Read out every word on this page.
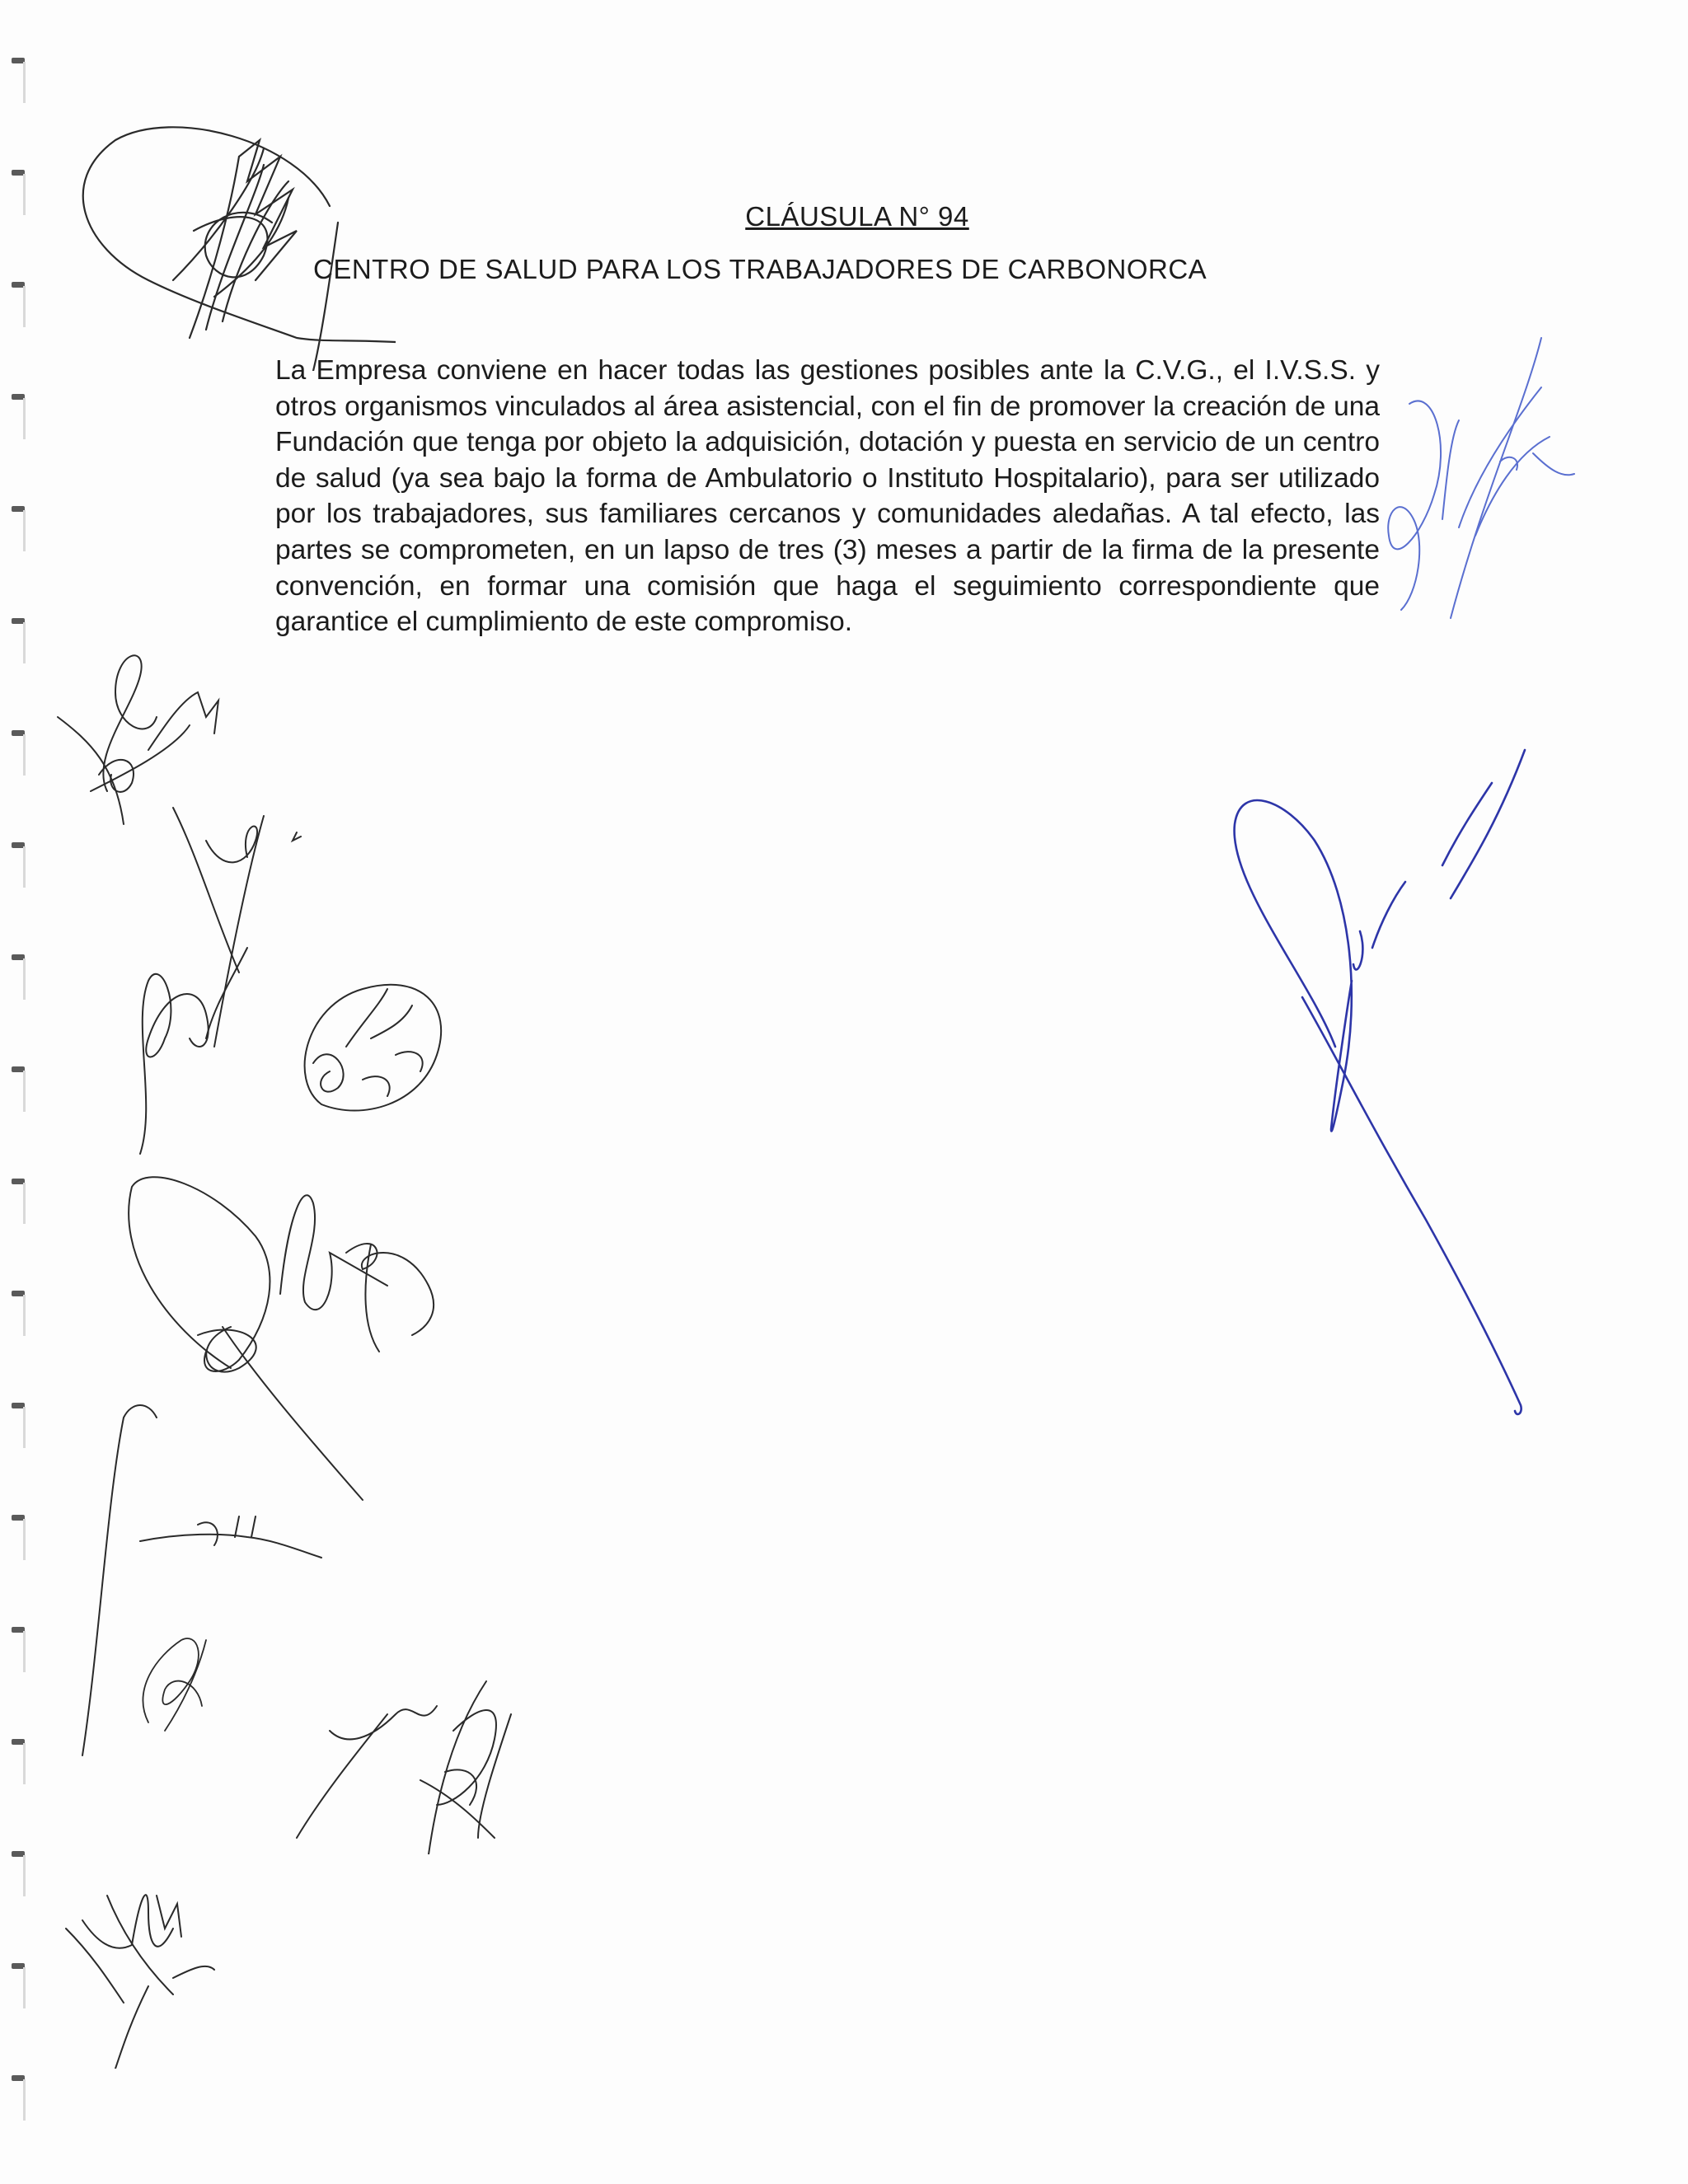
CLÁUSULA N° 94
CENTRO DE SALUD PARA LOS TRABAJADORES DE CARBONORCA
La Empresa conviene en hacer todas las gestiones posibles ante la C.V.G., el I.V.S.S. y otros organismos vinculados al área asistencial, con el fin de promover la creación de una Fundación que tenga por objeto la adquisición, dotación y puesta en servicio de un centro de salud (ya sea bajo la forma de Ambulatorio o Instituto Hospitalario), para ser utilizado por los trabajadores, sus familiares cercanos y comunidades aledañas. A tal efecto, las partes se comprometen, en un lapso de tres (3) meses a partir de la firma de la presente convención, en formar una comisión que haga el seguimiento correspondiente que garantice el cumplimiento de este compromiso.
